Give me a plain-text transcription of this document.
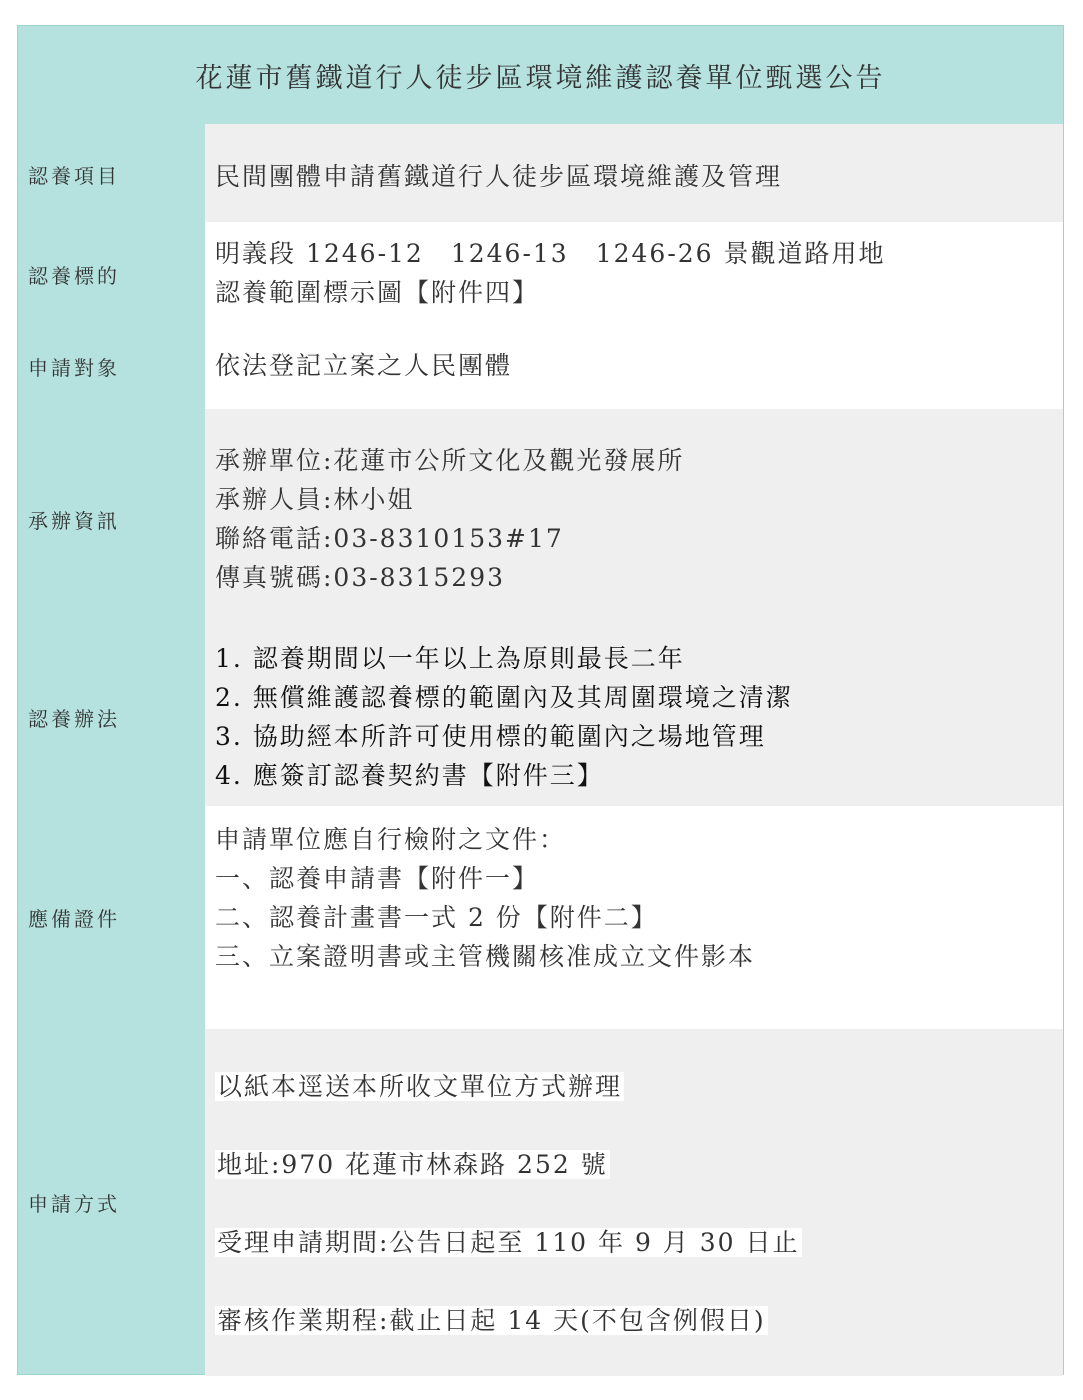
花蓮市舊鐵道行人徒步區環境維護認養單位甄選公告
民間團體申請舊鐵道行人徒步區環境維護及管理
認養項目
明義段 1246-12　1246-13　1246-26 景觀道路用地
認養範圍標示圖【附件四】
依法登記立案之人民團體
認養標的
申請對象
承辦單位:花蓮市公所文化及觀光發展所
承辦人員:林小姐
聯絡電話:03-8310153#17
傳真號碼:03-8315293
1. 認養期間以一年以上為原則最長二年
2. 無償維護認養標的範圍內及其周圍環境之清潔
3. 協助經本所許可使用標的範圍內之場地管理
4. 應簽訂認養契約書【附件三】
承辦資訊
認養辦法
申請單位應自行檢附之文件：
一、認養申請書【附件一】
二、認養計畫書一式 2 份【附件二】
三、立案證明書或主管機關核准成立文件影本
應備證件
以紙本逕送本所收文單位方式辦理
地址:970 花蓮市林森路 252 號
受理申請期間:公告日起至 110 年 9 月 30 日止
審核作業期程:截止日起 14 天(不包含例假日)
申請方式
